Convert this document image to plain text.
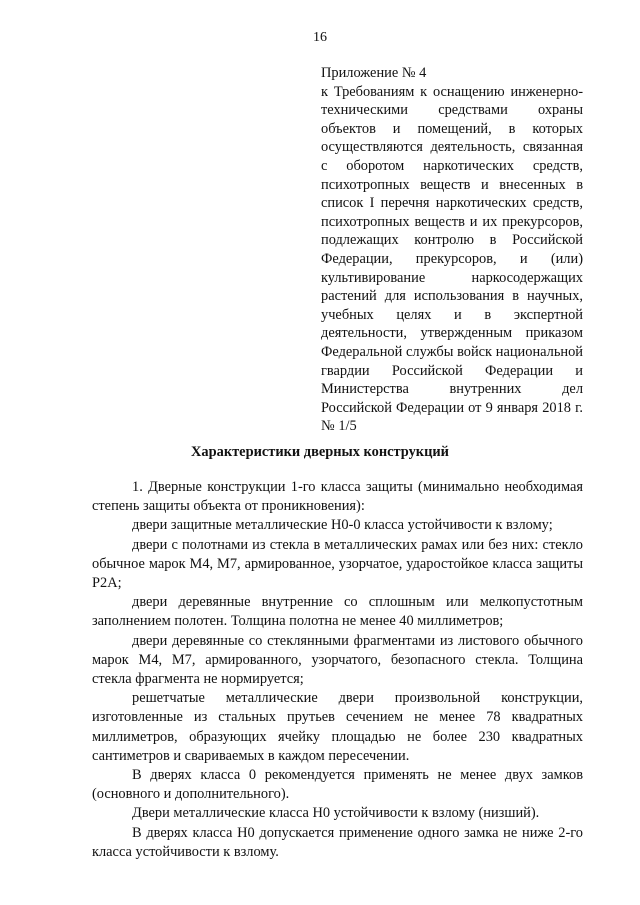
16

Приложение № 4

к Требованиям к оснащению инженерно-техническими средствами охраны объектов и помещений, в которых осуществляются деятельность, связанная с оборотом наркотических средств, психотропных веществ и внесенных в список I перечня наркотических средств, психотропных веществ и их прекурсоров, подлежащих контролю в Российской Федерации, прекурсоров, и (или) культивирование наркосодержащих растений для использования в научных, учебных целях и в экспертной деятельности, утвержденным приказом Федеральной службы войск национальной гвардии Российской Федерации и Министерства внутренних дел Российской Федерации от 9 января 2018 г. № 1/5

Характеристики дверных конструкций

1. Дверные конструкции 1-го класса защиты (минимально необходимая степень защиты объекта от проникновения):

двери защитные металлические Н0-0 класса устойчивости к взлому;

двери с полотнами из стекла в металлических рамах или без них: стекло обычное марок М4, М7, армированное, узорчатое, ударостойкое класса защиты Р2А;

двери деревянные внутренние со сплошным или мелкопустотным заполнением полотен. Толщина полотна не менее 40 миллиметров;

двери деревянные со стеклянными фрагментами из листового обычного марок М4, М7, армированного, узорчатого, безопасного стекла. Толщина стекла фрагмента не нормируется;

решетчатые металлические двери произвольной конструкции, изготовленные из стальных прутьев сечением не менее 78 квадратных миллиметров, образующих ячейку площадью не более 230 квадратных сантиметров и свариваемых в каждом пересечении.

В дверях класса 0 рекомендуется применять не менее двух замков (основного и дополнительного).

Двери металлические класса Н0 устойчивости к взлому (низший).

В дверях класса Н0 допускается применение одного замка не ниже 2-го класса устойчивости к взлому.
